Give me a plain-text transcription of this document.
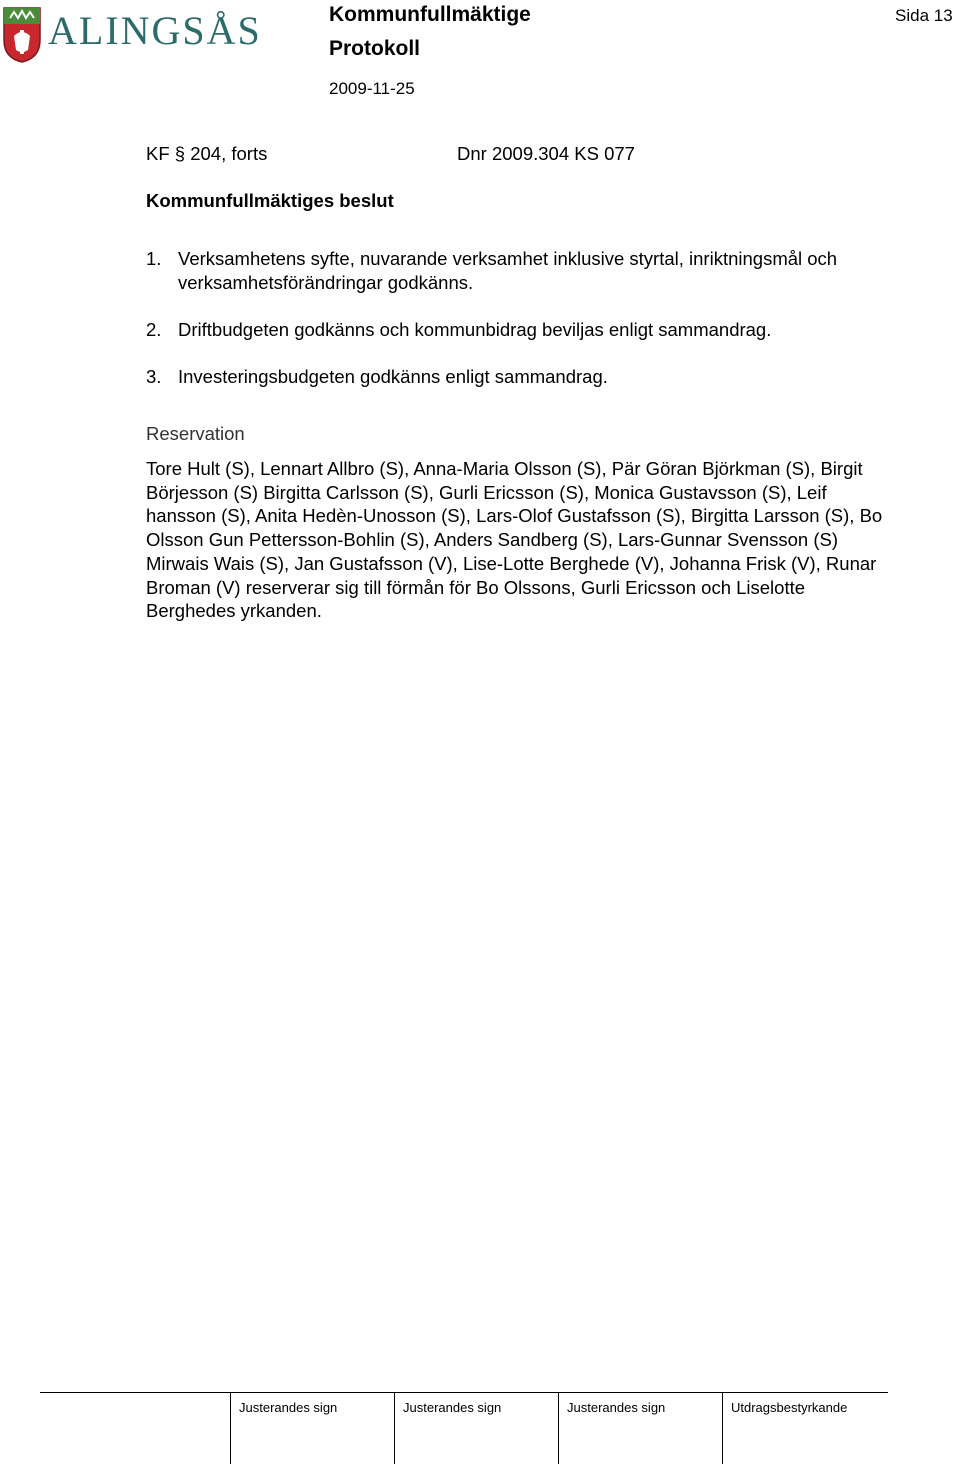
ALINGSÅS	Kommunfullmäktige
Protokoll
2009-11-25
Sida 13
KF § 204, forts	Dnr 2009.304 KS 077
Kommunfullmäktiges beslut
1. Verksamhetens syfte, nuvarande verksamhet inklusive styrtal, inriktningsmål och verksamhetsförändringar godkänns.
2. Driftbudgeten godkänns och kommunbidrag beviljas enligt sammandrag.
3. Investeringsbudgeten godkänns enligt sammandrag.
Reservation

Tore Hult (S), Lennart Allbro (S), Anna-Maria Olsson (S), Pär Göran Björkman (S), Birgit Börjesson (S) Birgitta Carlsson (S), Gurli Ericsson (S), Monica Gustavsson (S), Leif hansson (S), Anita Hedèn-Unosson (S), Lars-Olof Gustafsson (S), Birgitta Larsson (S), Bo Olsson Gun Pettersson-Bohlin (S), Anders Sandberg (S), Lars-Gunnar Svensson (S) Mirwais Wais (S), Jan Gustafsson (V), Lise-Lotte Berghede (V), Johanna Frisk (V), Runar Broman (V) reserverar sig till förmån för Bo Olssons, Gurli Ericsson och Liselotte Berghedes yrkanden.

Justerandes sign	Justerandes sign	Justerandes sign	Utdragsbestyrkande
